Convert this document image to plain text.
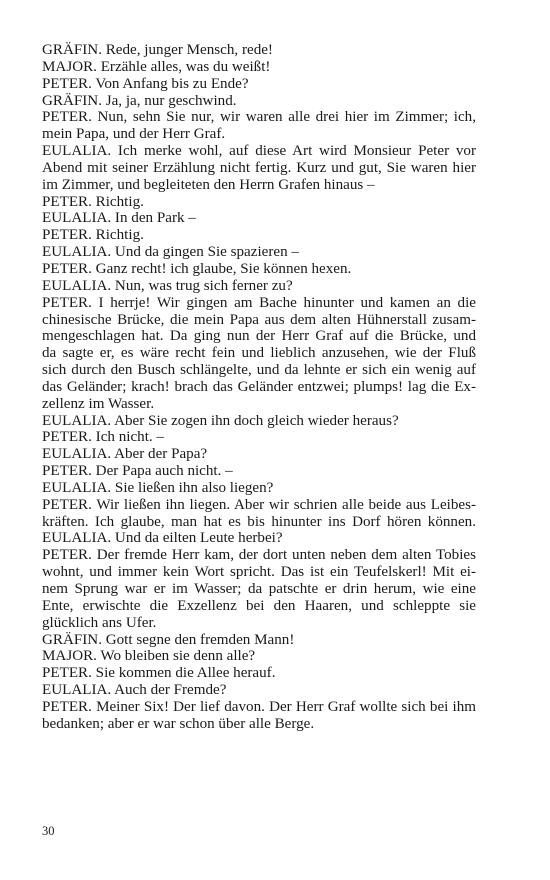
GRÄFIN. Rede, junger Mensch, rede!
MAJOR. Erzähle alles, was du weißt!
PETER. Von Anfang bis zu Ende?
GRÄFIN. Ja, ja, nur geschwind.
PETER. Nun, sehn Sie nur, wir waren alle drei hier im Zimmer; ich,
mein Papa, und der Herr Graf.
EULALIA. Ich merke wohl, auf diese Art wird Monsieur Peter vor
Abend mit seiner Erzählung nicht fertig. Kurz und gut, Sie waren hier
im Zimmer, und begleiteten den Herrn Grafen hinaus –
PETER. Richtig.
EULALIA. In den Park –
PETER. Richtig.
EULALIA. Und da gingen Sie spazieren –
PETER. Ganz recht! ich glaube, Sie können hexen.
EULALIA. Nun, was trug sich ferner zu?
PETER. I herrje! Wir gingen am Bache hinunter und kamen an die
chinesische Brücke, die mein Papa aus dem alten Hühnerstall zusam-
mengeschlagen hat. Da ging nun der Herr Graf auf die Brücke, und
da sagte er, es wäre recht fein und lieblich anzusehen, wie der Fluß
sich durch den Busch schlängelte, und da lehnte er sich ein wenig auf
das Geländer; krach! brach das Geländer entzwei; plumps! lag die Ex-
zellenz im Wasser.
EULALIA. Aber Sie zogen ihn doch gleich wieder heraus?
PETER. Ich nicht. –
EULALIA. Aber der Papa?
PETER. Der Papa auch nicht. –
EULALIA. Sie ließen ihn also liegen?
PETER. Wir ließen ihn liegen. Aber wir schrien alle beide aus Leibes-
kräften. Ich glaube, man hat es bis hinunter ins Dorf hören können.
EULALIA. Und da eilten Leute herbei?
PETER. Der fremde Herr kam, der dort unten neben dem alten Tobies
wohnt, und immer kein Wort spricht. Das ist ein Teufelskerl! Mit ei-
nem Sprung war er im Wasser; da patschte er drin herum, wie eine
Ente, erwischte die Exzellenz bei den Haaren, und schleppte sie
glücklich ans Ufer.
GRÄFIN. Gott segne den fremden Mann!
MAJOR. Wo bleiben sie denn alle?
PETER. Sie kommen die Allee herauf.
EULALIA. Auch der Fremde?
PETER. Meiner Six! Der lief davon. Der Herr Graf wollte sich bei ihm
bedanken; aber er war schon über alle Berge.
30
